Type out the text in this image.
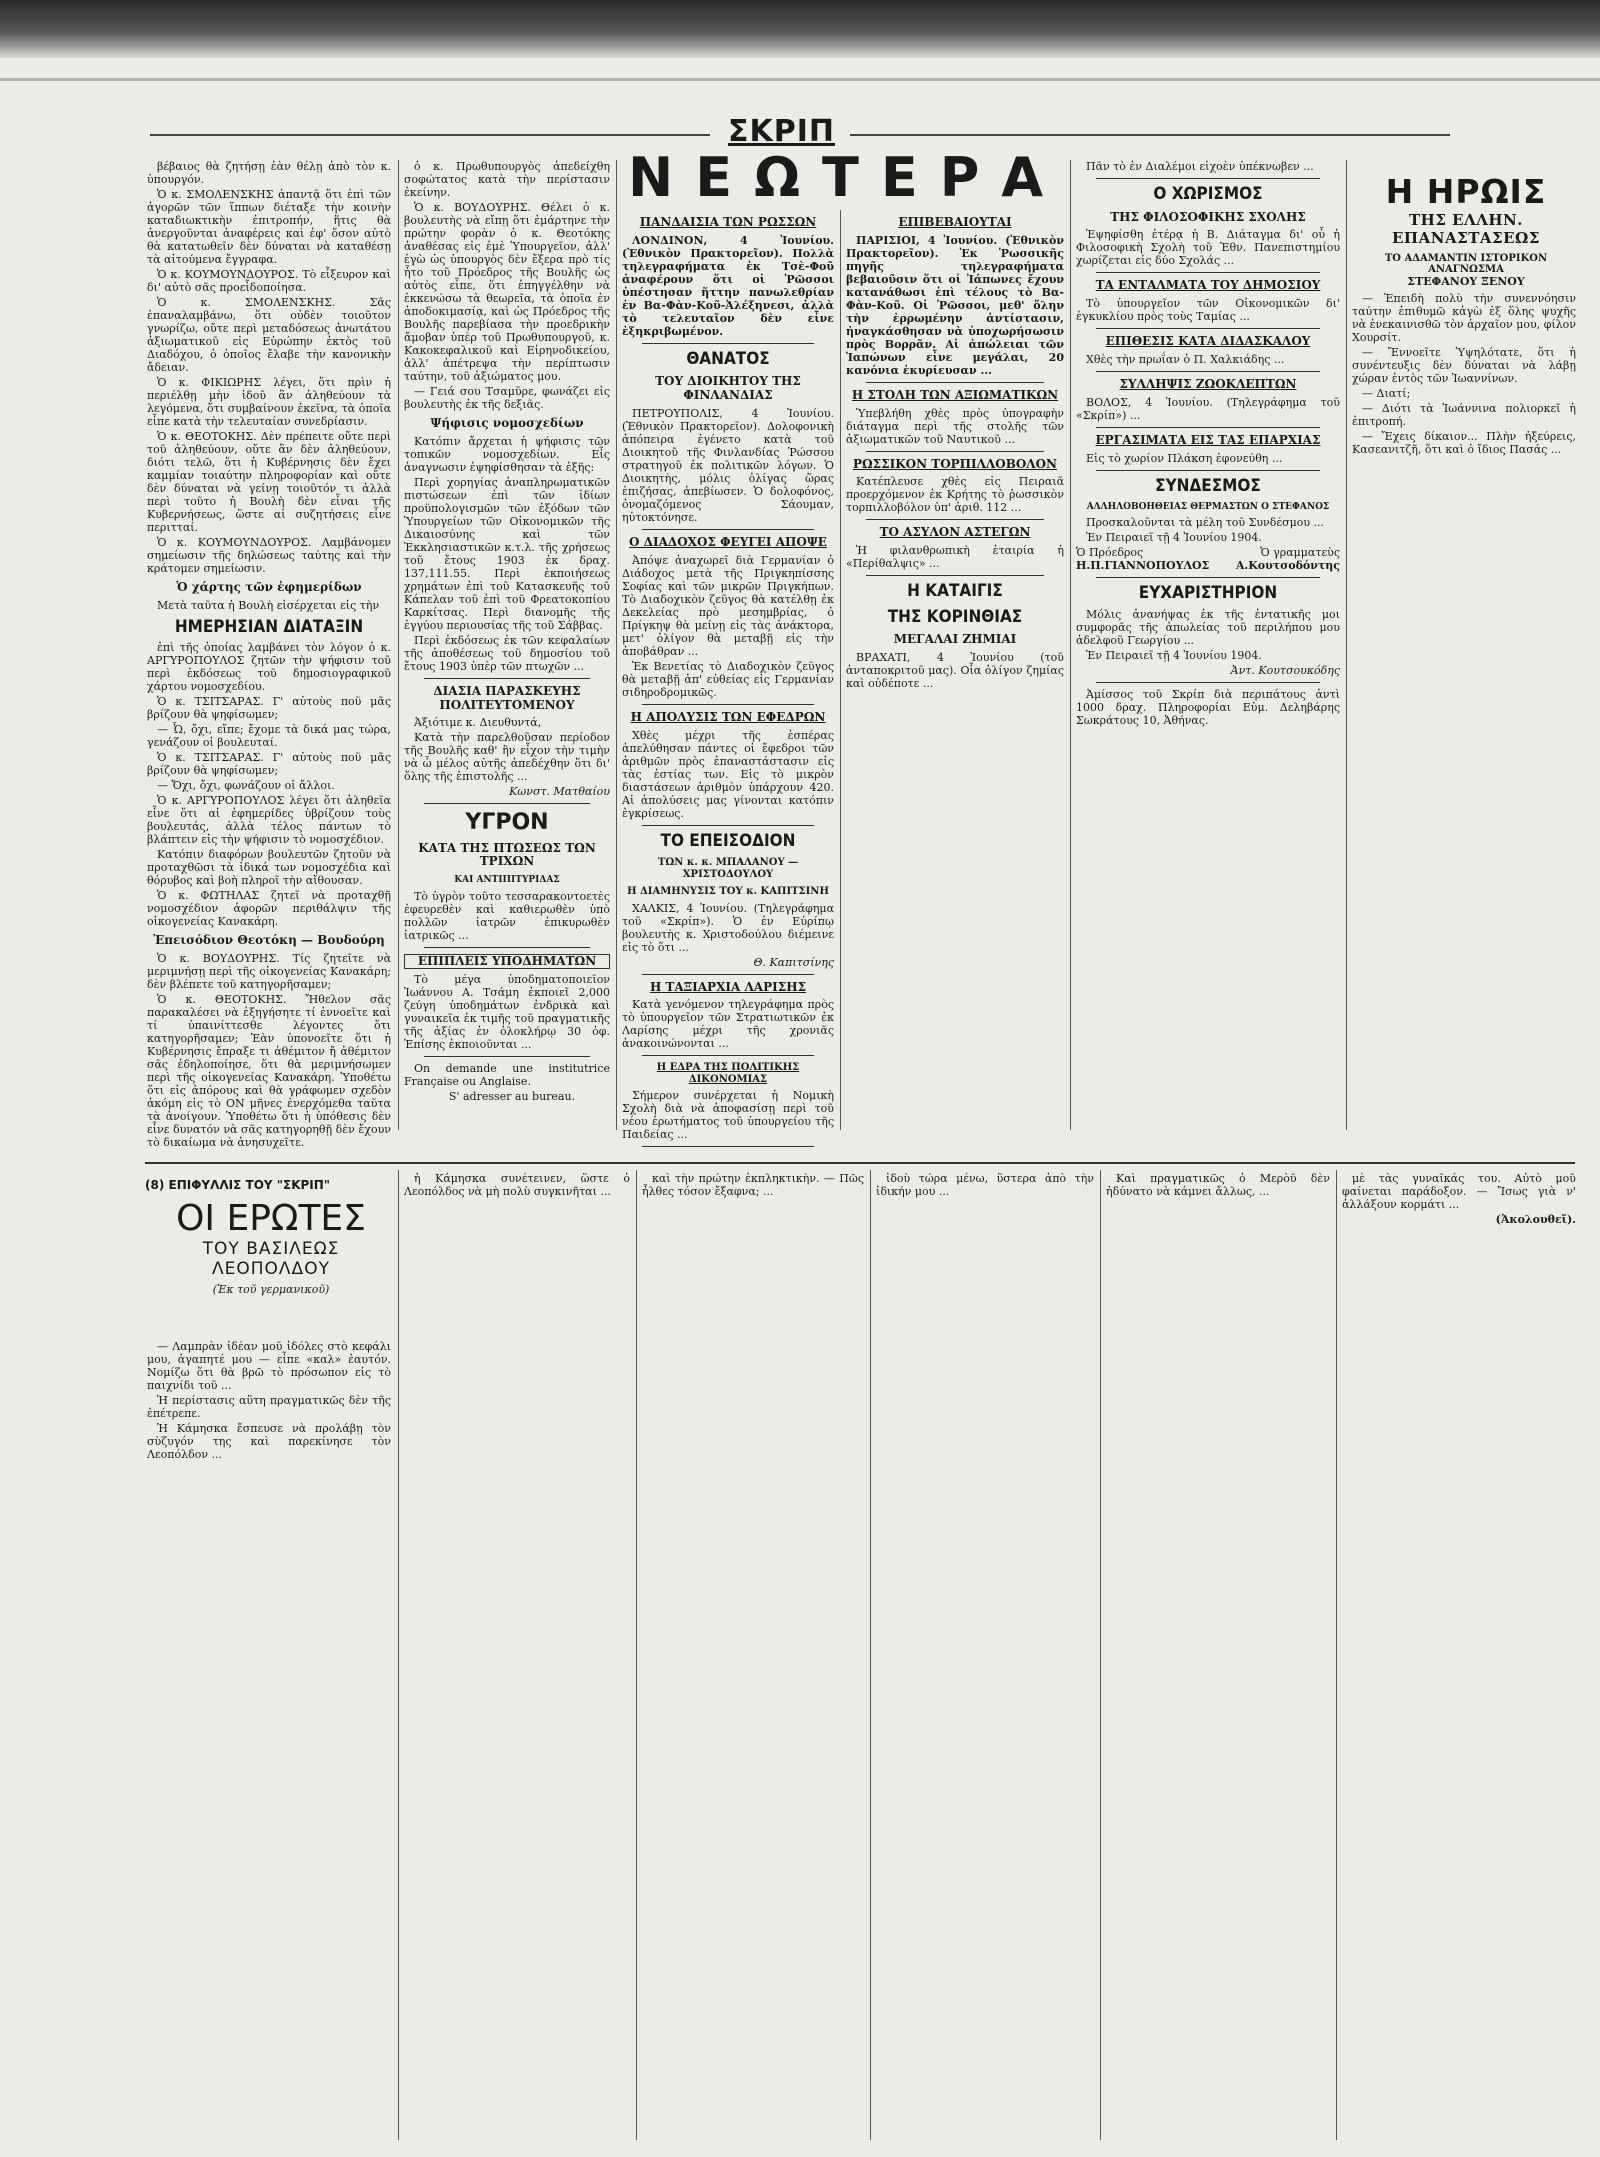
ΣΚΡΙΠ
ΝΕΩΤΕΡΑ

βέβαιος θὰ ζητήσῃ ἐὰν θέλῃ ἀπὸ τὸν κ. ὑπουργόν.

Ὁ κ. ΣΜΟΛΕΝΣΚΗΣ ἀπαντᾷ ὅτι ἐπὶ τῶν ἀγορῶν τῶν ἵππων διέταξε τὴν κοινὴν καταδιωκτικὴν ἐπιτροπήν, ἥτις θὰ ἀνεργοῦνται ἀναφέρεις καὶ ἐφ' ὅσον αὐτὸ θὰ κατατωθεῖν δὲν δύναται νὰ καταθέσῃ τὰ αἰτούμενα ἔγγραφα.

Ὁ κ. ΚΟΥΜΟΥΝΔΟΥΡΟΣ. Τὸ εἶξευρον καὶ δι' αὐτὸ σᾶς προεἶδοποίησα.

Ὁ κ. ΣΜΟΛΕΝΣΚΗΣ. Σᾶς ἐπαναλαμβάνω, ὅτι οὐδὲν τοιοῦτον γνωρίζω, οὔτε περὶ μεταδόσεως ἀνωτάτου ἀξιωματικοῦ εἰς Εὐρώπην ἐκτὸς τοῦ Διαδόχου, ὁ ὁποῖος ἔλαβε τὴν κανονικὴν ἄδειαν.

Ὁ κ. ΦΙΚΙΩΡΗΣ λέγει, ὅτι πρὶν ἡ περιέλθῃ μὴν ἰδοῦ ἂν ἀληθεύουν τὰ λεγόμενα, ὅτι συμβαίνουν ἐκεῖνα, τὰ ὁποῖα εἶπε κατὰ τὴν τελευταίαν συνεδρίασιν.

Ὁ κ. ΘΕΟΤΟΚΗΣ. Δὲν πρέπειτε οὔτε περὶ τοῦ ἀληθεύουν, οὔτε ἂν δὲν ἀληθεύουν, διότι τελῶ, ὅτι ἡ Κυβέρνησις δὲν ἔχει καμμίαν τοιαύτην πληροφορίαν καὶ οὔτε δὲν δύναται νὰ γείνῃ τοιοῦτόν τι ἀλλὰ περὶ τοῦτο ἡ Βουλὴ δὲν εἶναι τῆς Κυβερνήσεως, ὥστε αἱ συζητήσεις εἶνε περιτταί.

Ὁ κ. ΚΟΥΜΟΥΝΔΟΥΡΟΣ. Λαμβάνομεν σημείωσιν τῆς δηλώσεως ταύτης καὶ τὴν κράτομεν σημείωσιν.

Ὁ χάρτης τῶν ἐφημερίδων

Μετὰ ταῦτα ἡ Βουλὴ εἰσέρχεται εἰς τὴν

ΗΜΕΡΗΣΙΑΝ ΔΙΑΤΑΞΙΝ

ἐπὶ τῆς ὁποίας λαμβάνει τὸν λόγον ὁ κ. ΑΡΓΥΡΟΠΟΥΛΟΣ ζητῶν τὴν ψήφισιν τοῦ περὶ ἐκδόσεως τοῦ δημοσιογραφικοῦ χάρτου νομοσχεδίου.

Ὁ κ. ΤΣΙΤΣΑΡΑΣ. Γ' αὐτοὺς ποῦ μᾶς βρίζουν θὰ ψηφίσωμεν;

— Ὦ, ὄχι, εἴπε; ἔχομε τὰ δικά μας τώρα, γενάζουν οἱ βουλευταί.

Ὁ κ. ΤΣΙΤΣΑΡΑΣ. Γ' αὐτοὺς ποῦ μᾶς βρίζουν θὰ ψηφίσωμεν;

— Ὄχι, ὄχι, φωνάζουν οἱ ἄλλοι.

Ὁ κ. ΑΡΓΥΡΟΠΟΥΛΟΣ λέγει ὅτι ἀληθεῖα εἶνε ὅτι αἱ ἐφημερίδες ὑβρίζουν τοὺς βουλευτάς, ἀλλὰ τέλος πάντων τὸ βλάπτειν εἰς τὴν ψήφισιν τὸ νομοσχέδιον.

Κατόπιν διαφόρων βουλευτῶν ζητοῦν νὰ προταχθῶσι τὰ ἰδικά των νομοσχέδια καὶ θόρυβος καὶ βοὴ πληροῖ τὴν αἴθουσαν.

Ὁ κ. ΦΩΤΗΛΑΣ ζητεῖ νὰ προταχθῇ νομοσχέδιον ἀφορῶν περιθάλψιν τῆς οἰκογενείας Κανακάρη.

Ἐπεισόδιον Θεοτόκη — Βουδούρη

Ὁ κ. ΒΟΥΔΟΥΡΗΣ. Τίς ζητεῖτε νὰ μεριμνήσῃ περὶ τῆς οἰκογενείας Κανακάρη; δὲν βλέπετε τοῦ κατηγορῆσαμεν;

Ὁ κ. ΘΕΟΤΟΚΗΣ. Ἤθελον σᾶς παρακαλέσει νὰ ἐξηγήσητε τί ἐννοεῖτε καὶ τί ὑπαινίττεσθε λέγοντες ὅτι κατηγορῆσαμεν; Ἐὰν ὑπονοεῖτε ὅτι ἡ Κυβέρνησις ἔπραξε τι ἀθέμιτον ἤ ἀθέμιτον σᾶς ἐδηλοποίησε, ὅτι θὰ μεριμνήσωμεν περὶ τῆς οἰκογενείας Κανακάρη. Ὑποθέτω ὅτι εἰς ἀπόρους καὶ θὰ γράφωμεν σχεδὸν ἀκόμη εἰς τὸ ΟΝ μῆνες ἐνερχόμεθα ταῦτα τὰ ἀνοίγουν. Ὑποθέτω ὅτι ἡ ὑπόθεσις δὲν εἶνε δυνατόν νὰ σᾶς κατηγορηθῇ δὲν ἔχουν τὸ δικαίωμα νὰ ἀνησυχεῖτε.

ὁ κ. Πρωθυπουργὸς ἀπεδείχθη σοφώτατος κατὰ τὴν περίστασιν ἐκείνην.

Ὁ κ. ΒΟΥΔΟΥΡΗΣ. Θέλει ὁ κ. βουλευτὴς νὰ εἴπῃ ὅτι ἐμάρτηνε τὴν πρώτην φορὰν ὁ κ. Θεοτόκης ἀναθέσας εἰς ἐμὲ Ὑπουργεῖον, ἀλλ' ἐγὼ ὡς ὑπουργὸς δὲν ἔξερα πρὸ τίς ἦτο τοῦ Πρόεδρος τῆς Βουλῆς ὡς αὐτὸς εἶπε, ὅτι ἐπηγγέλθην νὰ ἐκκενώσω τὰ θεωρεῖα, τὰ ὁποῖα ἐν ἀποδοκιμασίᾳ, καὶ ὡς Πρόεδρος τῆς Βουλῆς παρεβίασα τὴν προεδρικὴν ἄμοβαν ὑπὲρ τοῦ Πρωθυπουργοῦ, κ. Κακοκεφαλικοῦ καὶ Εἰρηνοδικείου, ἀλλ' ἀπέτρεψα τὴν περίπτωσιν ταύτην, τοῦ ἀξιώματος μου.

— Γειά σου Τσαμῦρε, φωνάζει εἰς βουλευτὴς ἐκ τῆς δεξιᾶς.

Ψήφισις νομοσχεδίων

Κατόπιν ἄρχεται ἡ ψήφισις τῶν τοπικῶν νομοσχεδίων. Εἶς ἀναγνωσιν ἐψηφίσθησαν τὰ ἑξῆς:

Περὶ χορηγίας ἀναπληρωματικῶν πιστώσεων ἐπὶ τῶν ἰδίων προϋπολογισμῶν τῶν ἐξόδων τῶν Ὑπουργείων τῶν Οἰκονομικῶν τῆς Δικαιοσύνης καὶ τῶν Ἐκκλησιαστικῶν κ.τ.λ. τῆς χρήσεως τοῦ ἔτους 1903 ἐκ δραχ. 137,111.55. Περὶ ἐκποιήσεως χρημάτων ἐπὶ τοῦ Κατασκευῆς τοῦ Κάπελαν τοῦ ἐπὶ τοῦ Φρεατοκοπίου Καρκίτσας. Περὶ διανομῆς τῆς ἐγγύου περιουσίας τῆς τοῦ Σάββας.

Περὶ ἐκδόσεως ἐκ τῶν κεφαλαίων τῆς ἀποθέσεως τοῦ δημοσίου τοῦ ἔτους 1903 ὑπὲρ τῶν πτωχῶν ...

ΔΙΑΣΙΑ ΠΑΡΑΣΚΕΥΗΣ ΠΟΛΙΤΕΥΤΟΜΕΝΟΥ

Ἀξιότιμε κ. Διευθυντά,

Κατὰ τὴν παρελθοῦσαν περίοδον τῆς Βουλῆς καθ' ἣν εἶχον τὴν τιμὴν νὰ ὦ μέλος αὐτῆς ἀπεδέχθην ὅτι δι' ὅλης τῆς ἐπιστολῆς ...

Κωνστ. Ματθαίου

ΥΓΡΟΝ
ΚΑΤΑ ΤΗΣ ΠΤΩΣΕΩΣ ΤΩΝ ΤΡΙΧΩΝ
ΚΑΙ ΑΝΤΙΠΙΤΥΡΙΔΑΣ

Τὸ ὑγρὸν τοῦτο τεσσαρακοντοετὲς ἐφευρεθὲν καὶ καθιερωθὲν ὑπὸ πολλῶν ἰατρῶν ἐπικυρωθὲν ἰατρικῶς ...

ΕΠΙΠΛΕΙΣ ΥΠΟΔΗΜΑΤΩΝ

Τὸ μέγα ὑποδηματοποιεῖον Ἰωάννου Α. Τσάμη ἐκποιεῖ 2,000 ζεύγη ὑποδημάτων ἐνδρικὰ καὶ γυναικεῖα ἐκ τιμῆς τοῦ πραγματικῆς τῆς ἀξίας ἐν ὁλοκλήρῳ 30 ὀφ. Ἐπίσης ἐκποιοῦνται ...

On demande une institutrice Française ou Anglaise.

S' adresser au bureau.

ΠΑΝΔΑΙΣΙΑ ΤΩΝ ΡΩΣΣΩΝ

ΛΟΝΔΙΝΟΝ, 4 Ἰουνίου. (Ἐθνικὸν Πρακτορεῖον). Πολλὰ τηλεγραφήματα ἐκ Τσὲ-Φοῦ ἀναφέρουν ὅτι οἱ Ῥῶσσοι ὑπέστησαν ἥττην πανωλεθρίαν ἐν Βα-Φὰν-Κοῦ-Ἀλέξηνεσι, ἀλλὰ τὸ τελευταῖον δὲν εἶνε ἐξηκριβωμένον.

ΘΑΝΑΤΟΣ
ΤΟΥ ΔΙΟΙΚΗΤΟΥ ΤΗΣ ΦΙΝΛΑΝΔΙΑΣ

ΠΕΤΡΟΥΠΟΛΙΣ, 4 Ἰουνίου. (Ἐθνικὸν Πρακτορεῖον). Δολοφονικὴ ἀπόπειρα ἐγένετο κατὰ τοῦ Διοικητοῦ τῆς Φινλανδίας Ῥώσσου στρατηγοῦ ἐκ πολιτικῶν λόγων. Ὁ Διοικητὴς, μόλις ὀλίγας ὥρας ἐπιζήσας, ἀπεβίωσεν. Ὁ δολοφόνος, ὀνομαζόμενος Σάουμαν, ηὐτοκτόνησε.

Ο ΔΙΑΔΟΧΟΣ ΦΕΥΓΕΙ ΑΠΟΨΕ

Ἀπόψε ἀναχωρεῖ διὰ Γερμανίαν ὁ Διάδοχος μετὰ τῆς Πριγκηπίσσης Σοφίας καὶ τῶν μικρῶν Πριγκήπων. Τὸ Διαδοχικὸν ζεῦγος θὰ κατέλθῃ ἐκ Δεκελείας πρὸ μεσημβρίας, ὁ Πρίγκηψ θὰ μείνῃ εἰς τὰς ἀνάκτορα, μετ' ὀλίγον θὰ μεταβῇ εἰς τὴν ἀποβάθραν ...

Ἐκ Βενετίας τὸ Διαδοχικὸν ζεῦγος θὰ μεταβῇ ἀπ' εὐθείας εἰς Γερμανίαν σιδηροδρομικῶς.

Η ΑΠΟΛΥΣΙΣ ΤΩΝ ΕΦΕΔΡΩΝ

Χθὲς μέχρι τῆς ἑσπέρας ἀπελύθησαν πάντες οἱ ἔφεδροι τῶν ἀριθμῶν πρὸς ἐπαναστάστασιν εἰς τὰς ἑστίας των. Εἰς τὸ μικρὸν διαστάσεων ἀριθμὸν ὑπάρχουν 420. Αἱ ἀπολύσεις μας γίνονται κατόπιν ἐγκρίσεως.

ΤΟ ΕΠΕΙΣΟΔΙΟΝ
ΤΩΝ κ. κ. ΜΠΑΛΑΝΟΥ — ΧΡΙΣΤΟΔΟΥΛΟΥ
Η ΔΙΑΜΗΝΥΣΙΣ ΤΟΥ κ. ΚΑΠΙΤΣΙΝΗ

ΧΑΛΚΙΣ, 4 Ἰουνίου. (Τηλεγράφημα τοῦ «Σκρίπ»). Ὁ ἐν Εὐρίπῳ βουλευτὴς κ. Χριστοδούλου διέμεινε εἰς τὸ ὅτι ...

Θ. Καπιτσίνης

Η ΤΑΞΙΑΡΧΙΑ ΛΑΡΙΣΗΣ

Κατὰ γενόμενον τηλεγράφημα πρὸς τὸ ὑπουργεῖον τῶν Στρατιωτικῶν ἐκ Λαρίσης μέχρι τῆς χρονιᾶς ἀνακοινώνονται ...

Η ΕΔΡΑ ΤΗΣ ΠΟΛΙΤΙΚΗΣ ΔΙΚΟΝΟΜΙΑΣ

Σήμερον συνέρχεται ἡ Νομικὴ Σχολὴ διὰ νὰ ἀποφασίσῃ περὶ τοῦ νέου ἐρωτήματος τοῦ ὑπουργείου τῆς Παιδείας ...

ΕΠΙΒΕΒΑΙΟΥΤΑΙ

ΠΑΡΙΣΙΟΙ, 4 Ἰουνίου. (Ἐθνικὸν Πρακτορεῖον). Ἐκ Ῥωσσικῆς πηγῆς τηλεγραφήματα βεβαιοῦσιν ὅτι οἱ Ἰάπωνες ἔχουν κατανάθωσι ἐπὶ τέλους τὸ Βα-Φὰν-Κοῦ. Οἱ Ῥῶσσοι, μεθ' ὅλην τὴν ἐρρωμένην ἀντίστασιν, ἠναγκάσθησαν νὰ ὑποχωρήσωσιν πρὸς Βορρᾶν. Αἱ ἀπώλειαι τῶν Ἰαπώνων εἶνε μεγάλαι, 20 κανόνια ἐκυρίευσαν ...

Η ΣΤΟΛΗ ΤΩΝ ΑΞΙΩΜΑΤΙΚΩΝ

Ὑπεβλήθη χθὲς πρὸς ὑπογραφὴν διάταγμα περὶ τῆς στολῆς τῶν ἀξιωματικῶν τοῦ Ναυτικοῦ ...

ΡΩΣΣΙΚΟΝ ΤΟΡΠΙΛΛΟΒΟΛΟΝ

Κατέπλευσε χθὲς εἰς Πειραιᾶ προερχόμενον ἐκ Κρήτης τὸ ῥωσσικὸν τορπιλλοβόλον ὑπ' ἀριθ. 112 ...

ΤΟ ΑΣΥΛΟΝ ΑΣΤΕΓΩΝ

Ἡ φιλανθρωπικὴ ἑταιρία ἡ «Περίθαλψις» ...

Η ΚΑΤΑΙΓΙΣ
ΤΗΣ ΚΟΡΙΝΘΙΑΣ
ΜΕΓΑΛΑΙ ΖΗΜΙΑΙ

ΒΡΑΧΑΤΙ, 4 Ἰουνίου (τοῦ ἀνταποκριτοῦ μας). Οἷα ὀλίγον ζημίας καὶ οὐδέποτε ...

Πᾶν τὸ ἐν Διαλέμοι εἰχοὲν ὑπέκνωβεν ...

Ο ΧΩΡΙΣΜΟΣ
ΤΗΣ ΦΙΛΟΣΟΦΙΚΗΣ ΣΧΟΛΗΣ

Ἐψηφίσθη ἐτέρᾳ ἡ Β. Διάταγμα δι' οὗ ἡ Φιλοσοφικὴ Σχολὴ τοῦ Ἐθν. Πανεπιστημίου χωρίζεται εἰς δύο Σχολάς ...

ΤΑ ΕΝΤΑΛΜΑΤΑ ΤΟΥ ΔΗΜΟΣΙΟΥ

Τὸ ὑπουργεῖον τῶν Οἰκονομικῶν δι' ἐγκυκλίου πρὸς τοὺς Ταμίας ...

ΕΠΙΘΕΣΙΣ ΚΑΤΑ ΔΙΔΑΣΚΑΛΟΥ

Χθὲς τὴν πρωΐαν ὁ Π. Χαλκιάδης ...

ΣΥΛΛΗΨΙΣ ΖΩΟΚΛΕΠΤΩΝ

ΒΟΛΟΣ, 4 Ἰουνίου. (Τηλεγράφημα τοῦ «Σκρίπ») ...

ΕΡΓΑΣΙΜΑΤΑ ΕΙΣ ΤΑΣ ΕΠΑΡΧΙΑΣ

Εἰς τὸ χωρίον Πλάκση ἐφονεύθη ...

ΣΥΝΔΕΣΜΟΣ
ΑΛΛΗΛΟΒΟΗΘΕΙΑΣ ΘΕΡΜΑΣΤΩΝ Ο ΣΤΕΦΑΝΟΣ

Προσκαλοῦνται τὰ μέλη τοῦ Συνδέσμου ...

Ἐν Πειραιεῖ τῇ 4 Ἰουνίου 1904.

Ὁ Πρόεδρος	Ὁ γραμματεὺς
Η.Π.ΓΙΑΝΝΟΠΟΥΛΟΣ Α.Κουτσοδόντης
ΕΥΧΑΡΙΣΤΗΡΙΟΝ

Μόλις ἀνανήψας ἐκ τῆς ἐντατικῆς μοι συμφορᾶς τῆς ἀπωλείας τοῦ περιλήπου μου ἀδελφοῦ Γεωργίου ...

Ἐν Πειραιεῖ τῇ 4 Ἰουνίου 1904.

Ἀντ. Κουτσουκόδης

Ἀμίσσος τοῦ Σκρίπ διὰ περιπάτους ἀντὶ 1000 δραχ. Πληροφορίαι Εὐμ. Δεληβάρης Σωκράτους 10, Ἀθήνας.

Η ΗΡΩΙΣ
ΤΗΣ ΕΛΛΗΝ. ΕΠΑΝΑΣΤΑΣΕΩΣ
ΤΟ ΑΔΑΜΑΝΤΙΝ ΙΣΤΟΡΙΚΟΝ ΑΝΑΓΝΩΣΜΑ
ΣΤΕΦΑΝΟΥ ΞΕΝΟΥ

— Ἐπειδὴ πολὺ τὴν συνεννόησιν ταύτην ἐπιθυμῶ κἀγὼ ἐξ ὅλης ψυχῆς νὰ ἐνεκαινισθῶ τὸν ἀρχαῖον μου, φίλον Χουρσίτ.

— Ἔννοεῖτε Ὑψηλότατε, ὅτι ἡ συνέντευξις δὲν δύναται νὰ λάβῃ χώραν ἐντὸς τῶν Ἰωαννίνων.

— Διατί;

— Διότι τὰ Ἰωάννινα πολιορκεῖ ἡ ἐπιτροπή.

— Ἔχεις δίκαιον... Πλὴν ἠξεύρεις, Κασεανιτζῆ, ὅτι καὶ ὁ ἴδιος Πασάς ...

(8) ΕΠΙΦΥΛΛΙΣ ΤΟΥ "ΣΚΡΙΠ"
ΟΙ ΕΡΩΤΕΣ
ΤΟΥ ΒΑΣΙΛΕΩΣ ΛΕΟΠΟΛΔΟΥ
(Ἐκ τοῦ γερμανικοῦ)

— Λαμπρὰν ἰδέαν μοῦ ἰδόλες στὸ κεφάλι μου, ἀγαπητέ μου — εἶπε «καλ» ἐαυτόν. Νομίζω ὅτι θὰ βρῶ τὸ πρόσωπον εἰς τὸ παιχνίδι τοῦ ...

Ἡ περίστασις αὕτη πραγματικῶς δὲν τῆς ἐπέτρεπε.

Ἡ Κάμησκα ἔσπευσε νὰ προλάβῃ τὸν σὺζυγόν της καὶ παρεκίνησε τὸν Λεοπόλδον ...

ἡ Κάμησκα συνέτεινεν, ὥστε ὁ Λεοπόλδος νὰ μὴ πολὺ συγκινῆται ...

καὶ τὴν πρώτην ἐκπληκτικὴν. — Πῶς ἦλθες τόσον ἔξαφνα; ...

ἰδοὺ τώρα μένω, ὕστερα ἀπὸ τὴν ἰδικήν μου ...

Καὶ πραγματικῶς ὁ Μερὸῦ δὲν ἠδύνατο νὰ κάμνει ἄλλως, ...

μὲ τὰς γυναῖκάς του. Αὐτὸ μοῦ φαίνεται παράδοξον. — Ἴσως γιὰ ν' ἀλλάξουν κορμάτι ...

(Ἀκολουθεῖ).
